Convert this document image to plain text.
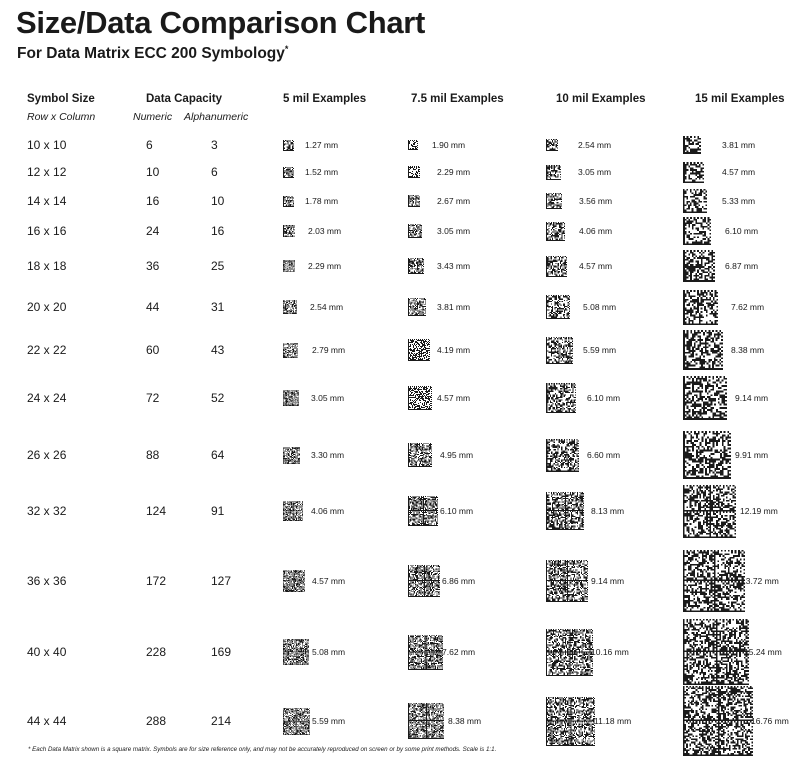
Size/Data Comparison Chart
For Data Matrix ECC 200 Symbology*
Symbol Size
Row x Column
Data Capacity
Numeric Alphanumeric
5 mil Examples	7.5 mil Examples	10 mil Examples	15 mil Examples
10 x 10	6	3	1.27 mm	1.90 mm	2.54 mm	3.81 mm
12 x 12	10	6	1.52 mm	2.29 mm	3.05 mm	4.57 mm
14 x 14	16	10	1.78 mm	2.67 mm	3.56 mm	5.33 mm
16 x 16	24	16	2.03 mm	3.05 mm	4.06 mm	6.10 mm
18 x 18	36	25	2.29 mm	3.43 mm	4.57 mm	6.87 mm
20 x 20	44	31	2.54 mm	3.81 mm	5.08 mm	7.62 mm
22 x 22	60	43	2.79 mm	4.19 mm	5.59 mm	8.38 mm
24 x 24	72	52	3.05 mm	4.57 mm	6.10 mm	9.14 mm
26 x 26	88	64	3.30 mm	4.95 mm	6.60 mm	9.91 mm
32 x 32	124	91	4.06 mm	6.10 mm	8.13 mm	12.19 mm
36 x 36	172	127	4.57 mm	6.86 mm	9.14 mm	13.72 mm
40 x 40	228	169	5.08 mm	7.62 mm	10.16 mm	15.24 mm
44 x 44	288	214	5.59 mm	8.38 mm	11.18 mm	16.76 mm
* Each Data Matrix shown is a square matrix. Symbols are for size reference only, and may not be accurately reproduced on screen or by some print methods. Scale is 1:1.
